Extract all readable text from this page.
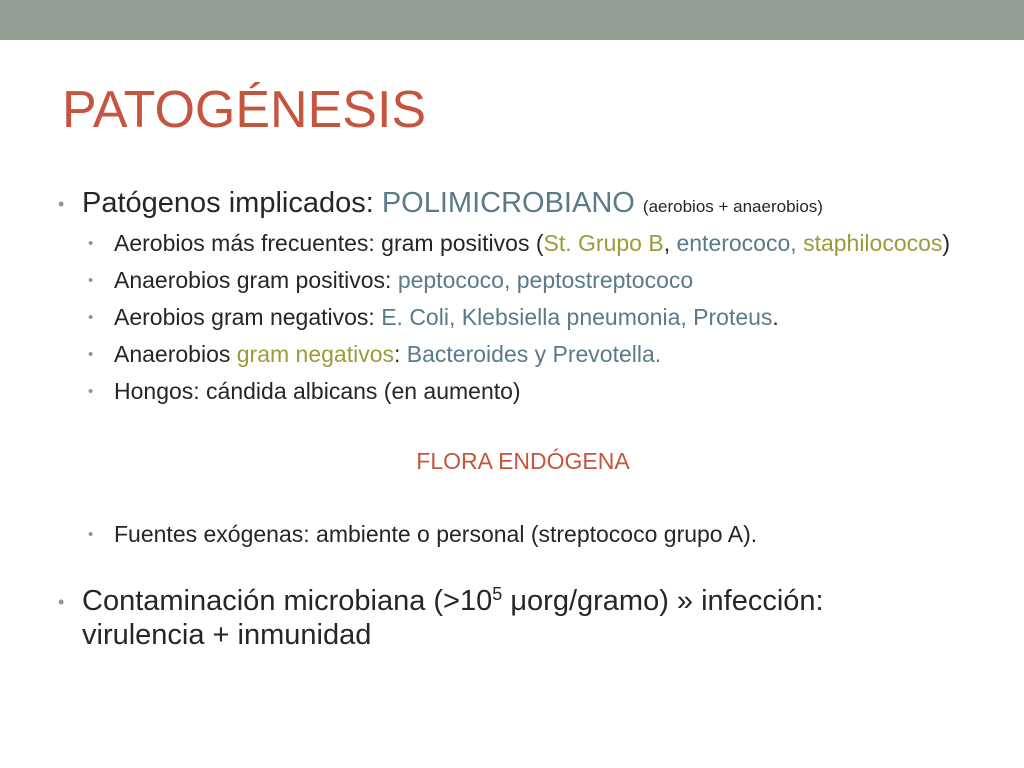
PATOGÉNESIS
• Patógenos implicados: POLIMICROBIANO (aerobios + anaerobios)
• Aerobios más frecuentes: gram positivos (St. Grupo B, enterococo, staphilococos)
• Anaerobios gram positivos: peptococo, peptostreptococo
• Aerobios gram negativos: E. Coli, Klebsiella pneumonia, Proteus.
• Anaerobios gram negativos: Bacteroides y Prevotella.
• Hongos: cándida albicans (en aumento)
FLORA ENDÓGENA
• Fuentes exógenas: ambiente o personal (streptococo grupo A).
• Contaminación microbiana ($>10^5$ μorg/gramo) » infección:
virulencia + inmunidad
